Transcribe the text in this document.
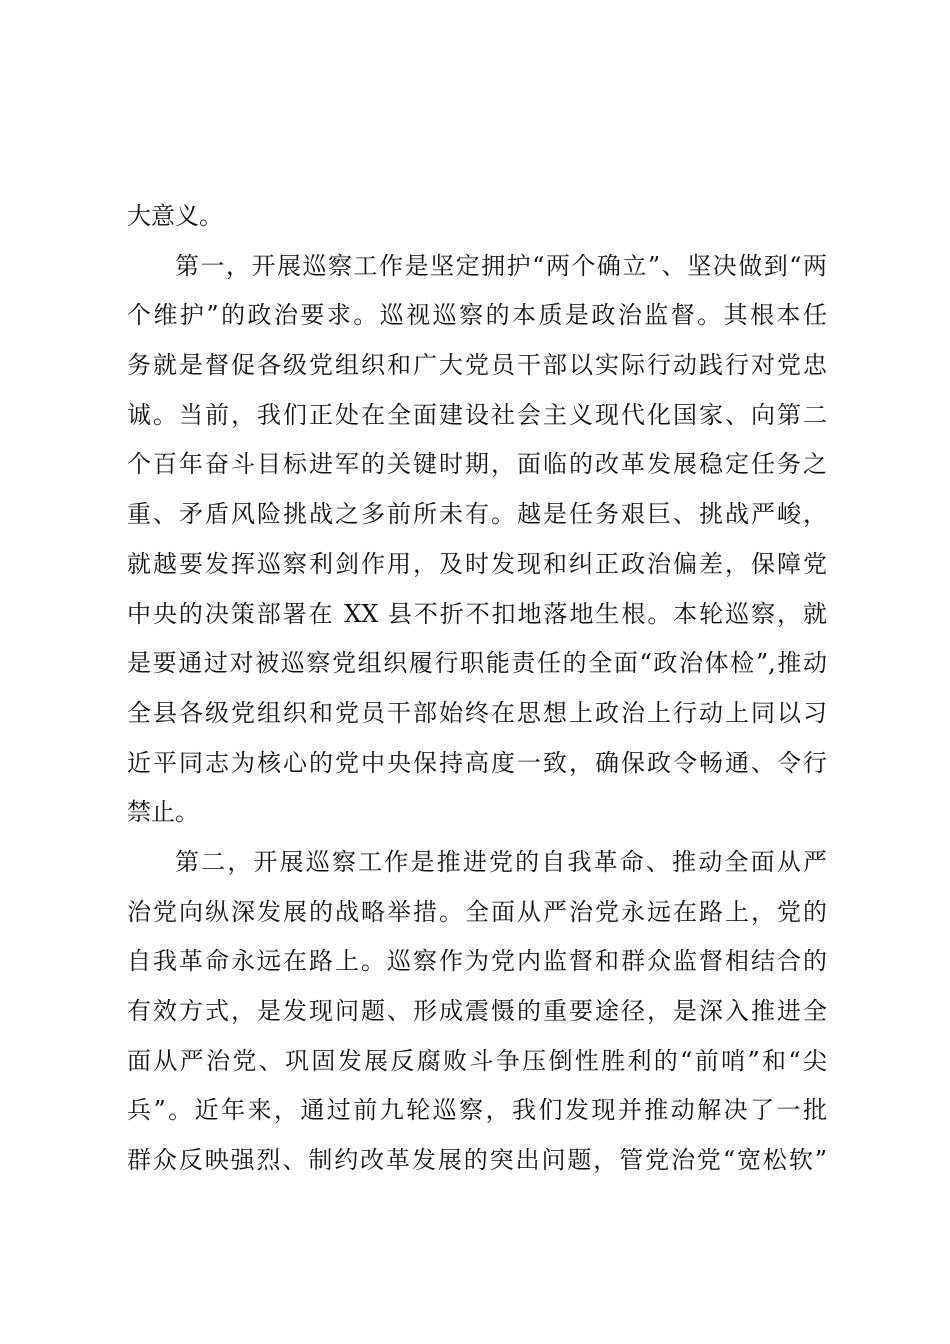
大意义。
第一，开展巡察工作是坚定拥护“两个确立”、坚决做到“两
个维护”的政治要求。巡视巡察的本质是政治监督。其根本任
务就是督促各级党组织和广大党员干部以实际行动践行对党忠
诚。当前，我们正处在全面建设社会主义现代化国家、向第二
个百年奋斗目标进军的关键时期，面临的改革发展稳定任务之
重、矛盾风险挑战之多前所未有。越是任务艰巨、挑战严峻，
就越要发挥巡察利剑作用，及时发现和纠正政治偏差，保障党
中央的决策部署在 XX 县不折不扣地落地生根。本轮巡察，就
是要通过对被巡察党组织履行职能责任的全面“政治体检”,推动
全县各级党组织和党员干部始终在思想上政治上行动上同以习
近平同志为核心的党中央保持高度一致，确保政令畅通、令行
禁止。
第二，开展巡察工作是推进党的自我革命、推动全面从严
治党向纵深发展的战略举措。全面从严治党永远在路上，党的
自我革命永远在路上。巡察作为党内监督和群众监督相结合的
有效方式，是发现问题、形成震慑的重要途径，是深入推进全
面从严治党、巩固发展反腐败斗争压倒性胜利的“前哨”和“尖
兵”。近年来，通过前九轮巡察，我们发现并推动解决了一批
群众反映强烈、制约改革发展的突出问题，管党治党“宽松软”
